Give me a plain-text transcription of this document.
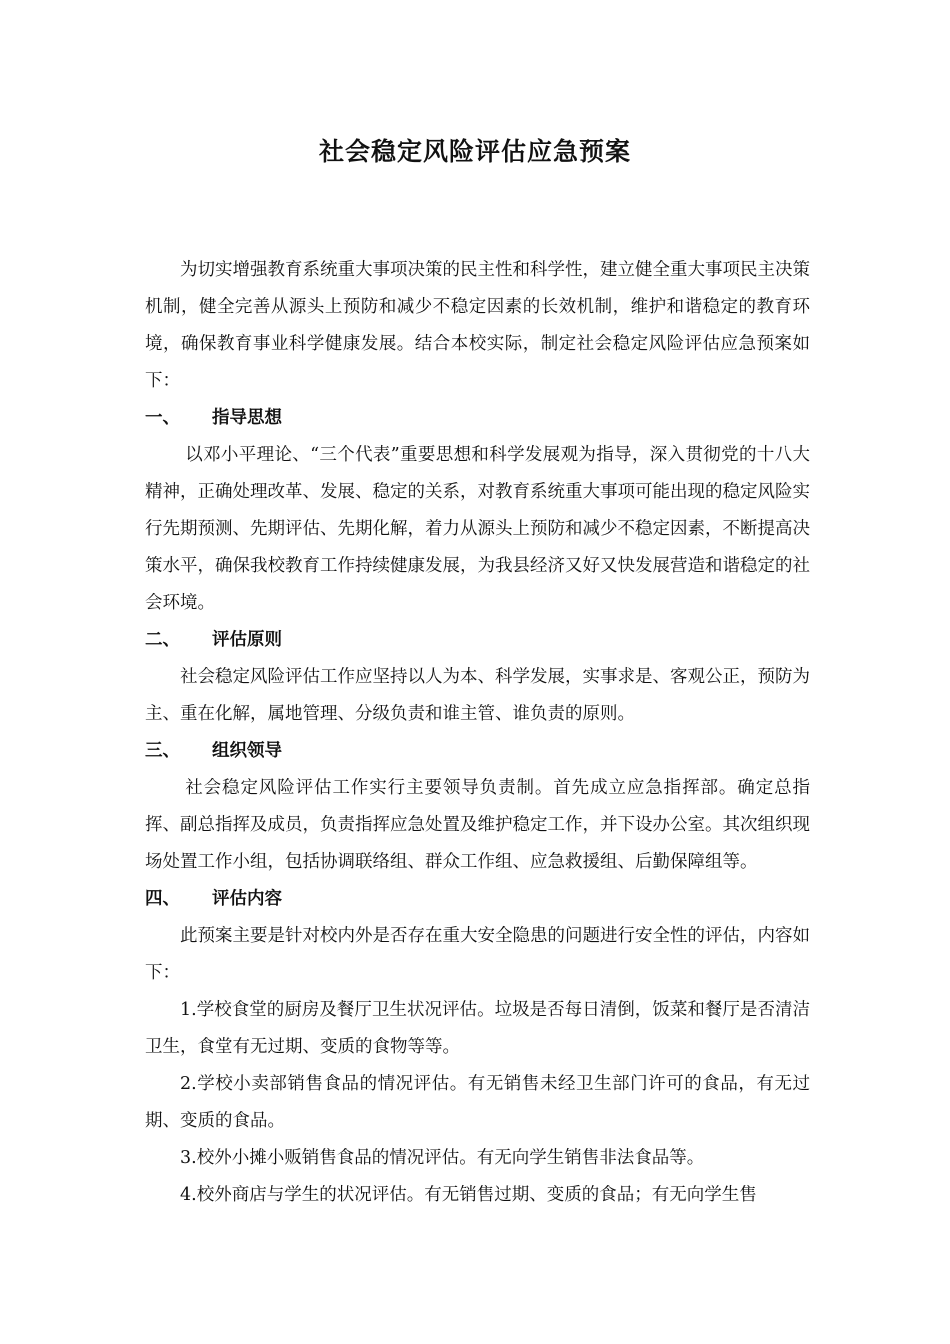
社会稳定风险评估应急预案

为切实增强教育系统重大事项决策的民主性和科学性，建立健全重大事项民主决策机制，健全完善从源头上预防和减少不稳定因素的长效机制，维护和谐稳定的教育环境，确保教育事业科学健康发展。结合本校实际，制定社会稳定风险评估应急预案如下：

一、 指导思想

以邓小平理论、“三个代表”重要思想和科学发展观为指导，深入贯彻党的十八大精神，正确处理改革、发展、稳定的关系，对教育系统重大事项可能出现的稳定风险实行先期预测、先期评估、先期化解，着力从源头上预防和减少不稳定因素，不断提高决策水平，确保我校教育工作持续健康发展，为我县经济又好又快发展营造和谐稳定的社会环境。

二、 评估原则

社会稳定风险评估工作应坚持以人为本、科学发展，实事求是、客观公正，预防为主、重在化解，属地管理、分级负责和谁主管、谁负责的原则。

三、 组织领导

社会稳定风险评估工作实行主要领导负责制。首先成立应急指挥部。确定总指挥、副总指挥及成员，负责指挥应急处置及维护稳定工作，并下设办公室。其次组织现场处置工作小组，包括协调联络组、群众工作组、应急救援组、后勤保障组等。

四、 评估内容

此预案主要是针对校内外是否存在重大安全隐患的问题进行安全性的评估，内容如下：

1.学校食堂的厨房及餐厅卫生状况评估。垃圾是否每日清倒，饭菜和餐厅是否清洁卫生，食堂有无过期、变质的食物等等。

2.学校小卖部销售食品的情况评估。有无销售未经卫生部门许可的食品，有无过期、变质的食品。

3.校外小摊小贩销售食品的情况评估。有无向学生销售非法食品等。

4.校外商店与学生的状况评估。有无销售过期、变质的食品；有无向学生售
